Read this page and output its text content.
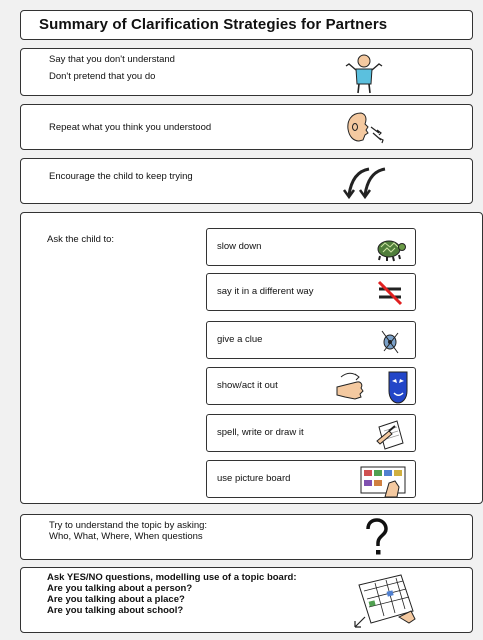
Summary of Clarification Strategies for Partners
Say that you don't understand
Don't pretend that you do
Repeat what you think you understood
Encourage the child to keep trying
Ask the child to:
slow down
say it in a different way
give a clue
show/act it out
spell, write or draw it
use picture board
Try to understand the topic by asking:
Who, What, Where, When questions
Ask YES/NO questions, modelling use of a topic board:
Are you talking about a person?
Are you talking about a place?
Are you talking about school?
